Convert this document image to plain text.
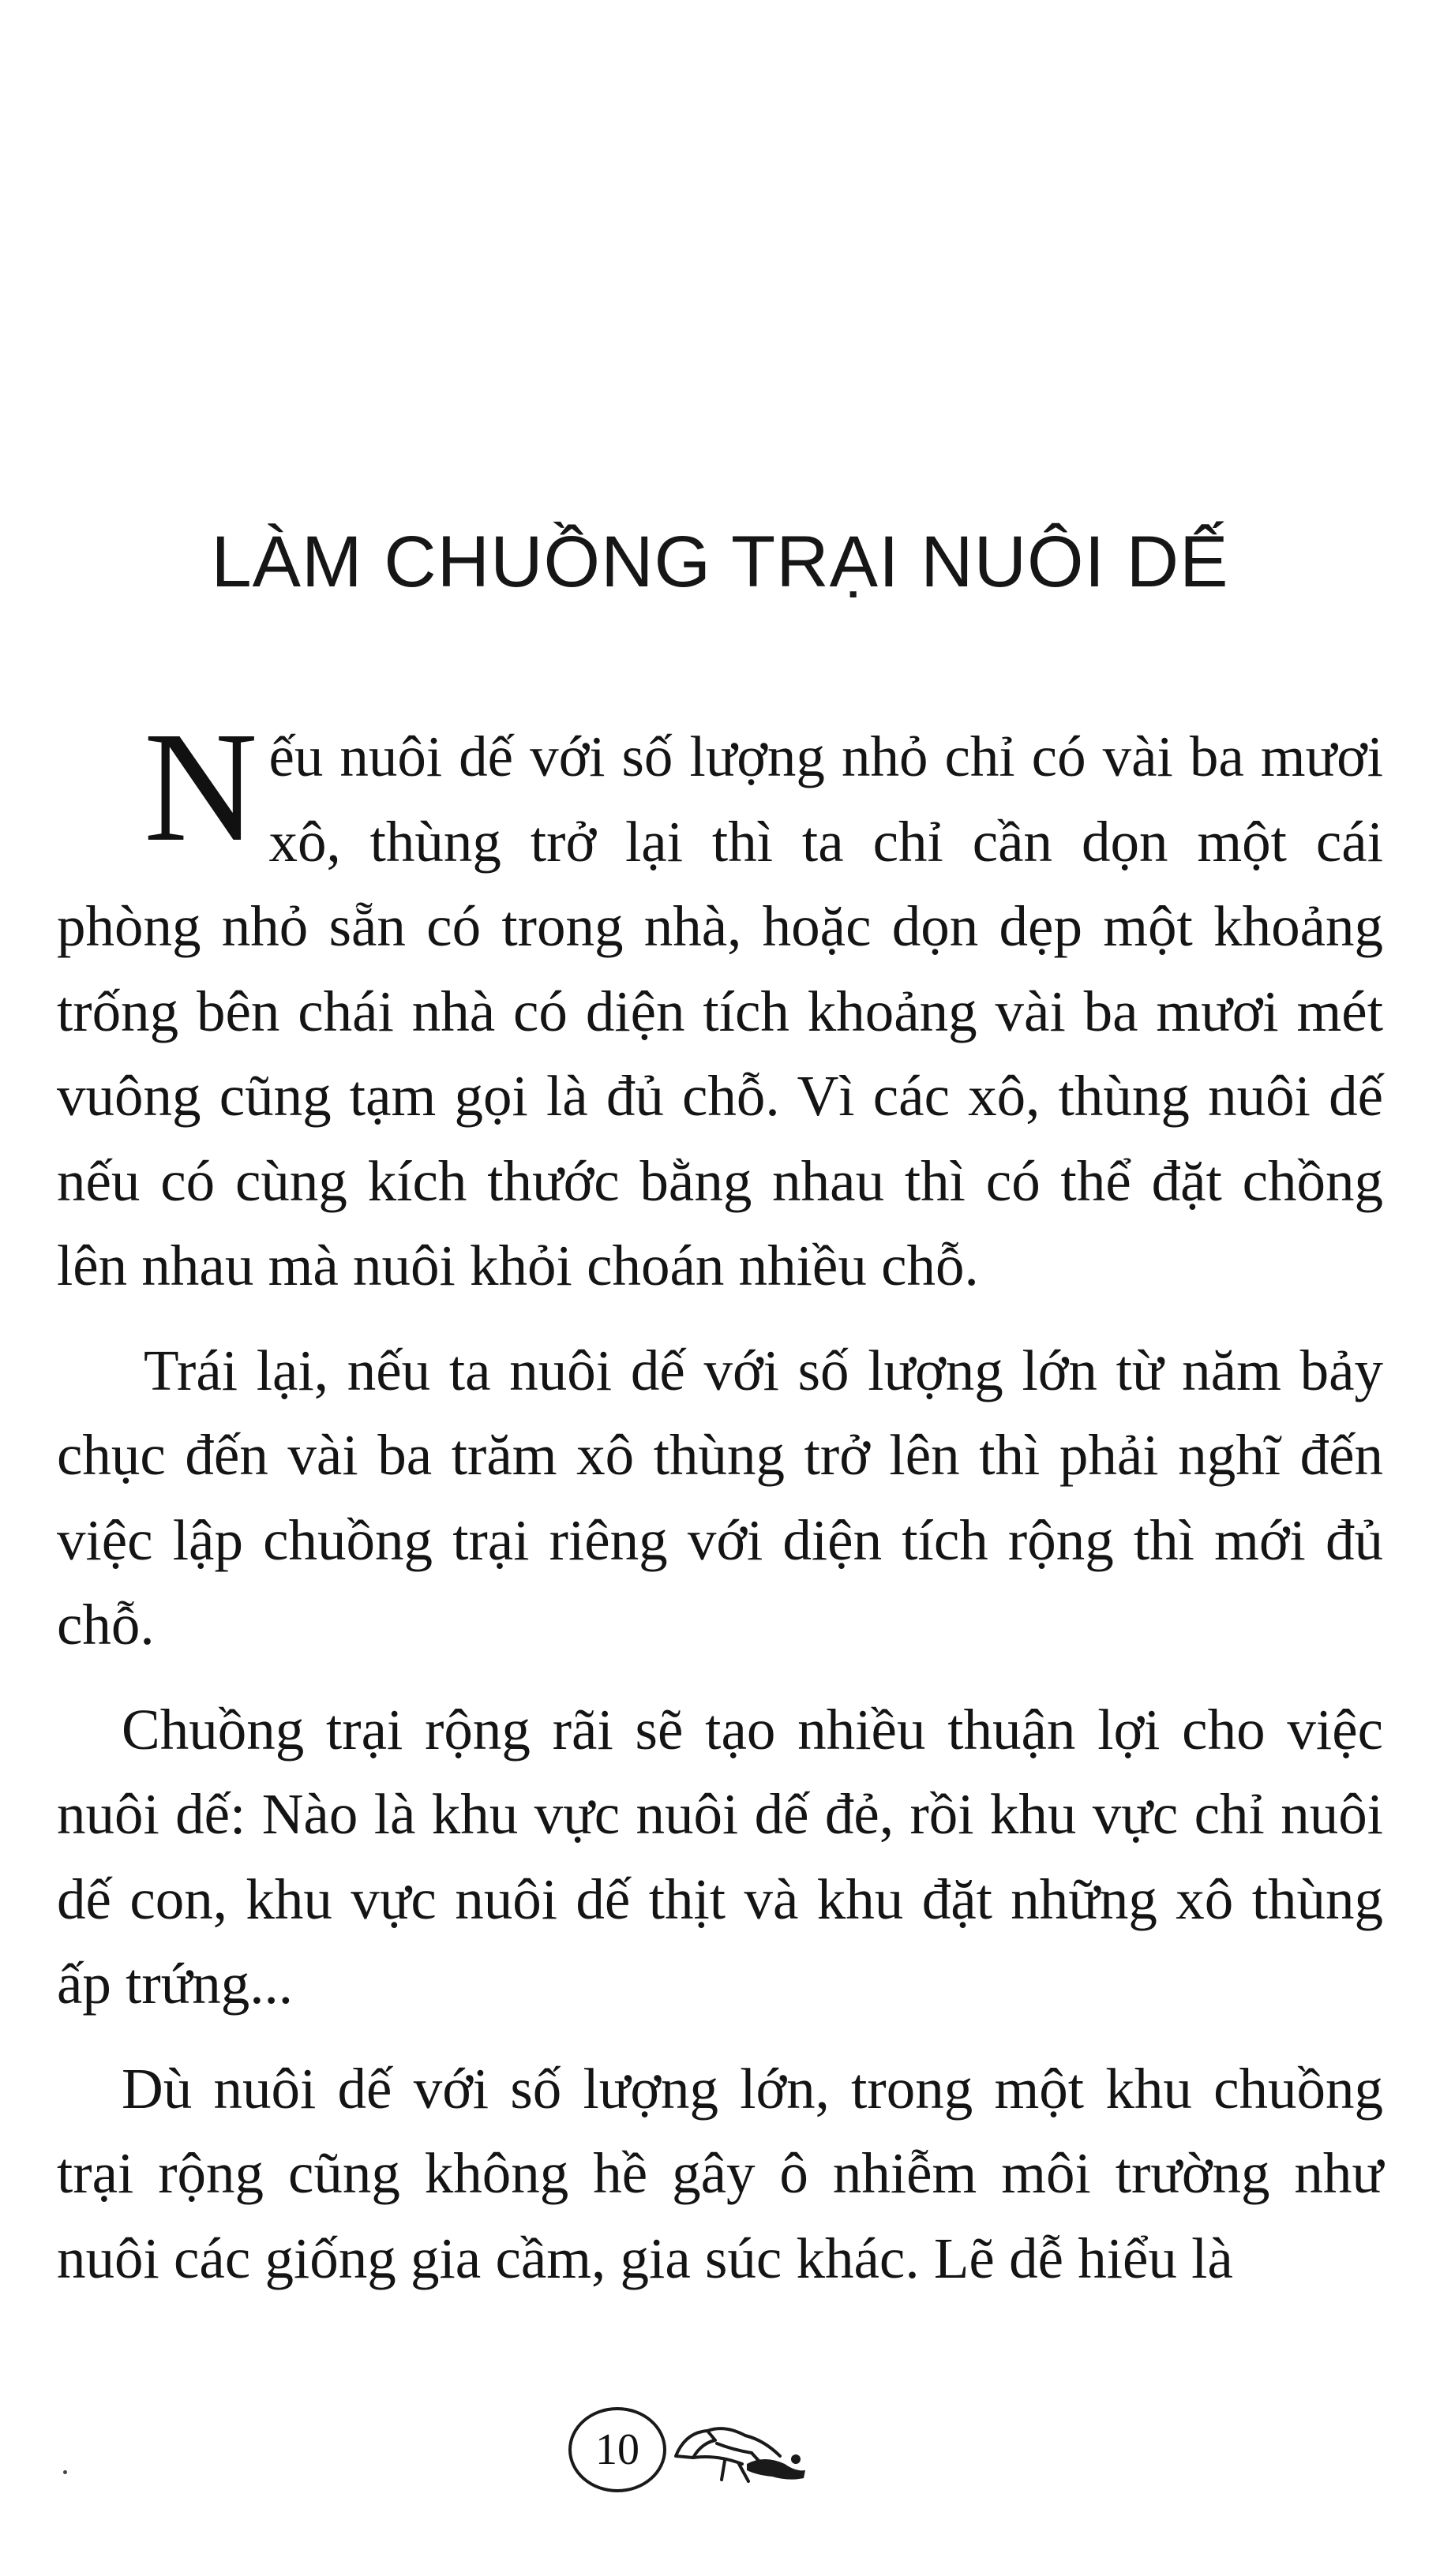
LÀM CHUỒNG TRẠI NUÔI DẾ

Nếu nuôi dế với số lượng nhỏ chỉ có vài ba mươi xô, thùng trở lại thì ta chỉ cần dọn một cái phòng nhỏ sẵn có trong nhà, hoặc dọn dẹp một khoảng trống bên chái nhà có diện tích khoảng vài ba mươi mét vuông cũng tạm gọi là đủ chỗ. Vì các xô, thùng nuôi dế nếu có cùng kích thước bằng nhau thì có thể đặt chồng lên nhau mà nuôi khỏi choán nhiều chỗ.

Trái lại, nếu ta nuôi dế với số lượng lớn từ năm bảy chục đến vài ba trăm xô thùng trở lên thì phải nghĩ đến việc lập chuồng trại riêng với diện tích rộng thì mới đủ chỗ.

Chuồng trại rộng rãi sẽ tạo nhiều thuận lợi cho việc nuôi dế: Nào là khu vực nuôi dế đẻ, rồi khu vực chỉ nuôi dế con, khu vực nuôi dế thịt và khu đặt những xô thùng ấp trứng...

Dù nuôi dế với số lượng lớn, trong một khu chuồng trại rộng cũng không hề gây ô nhiễm môi trường như nuôi các giống gia cầm, gia súc khác. Lẽ dễ hiểu là

10
